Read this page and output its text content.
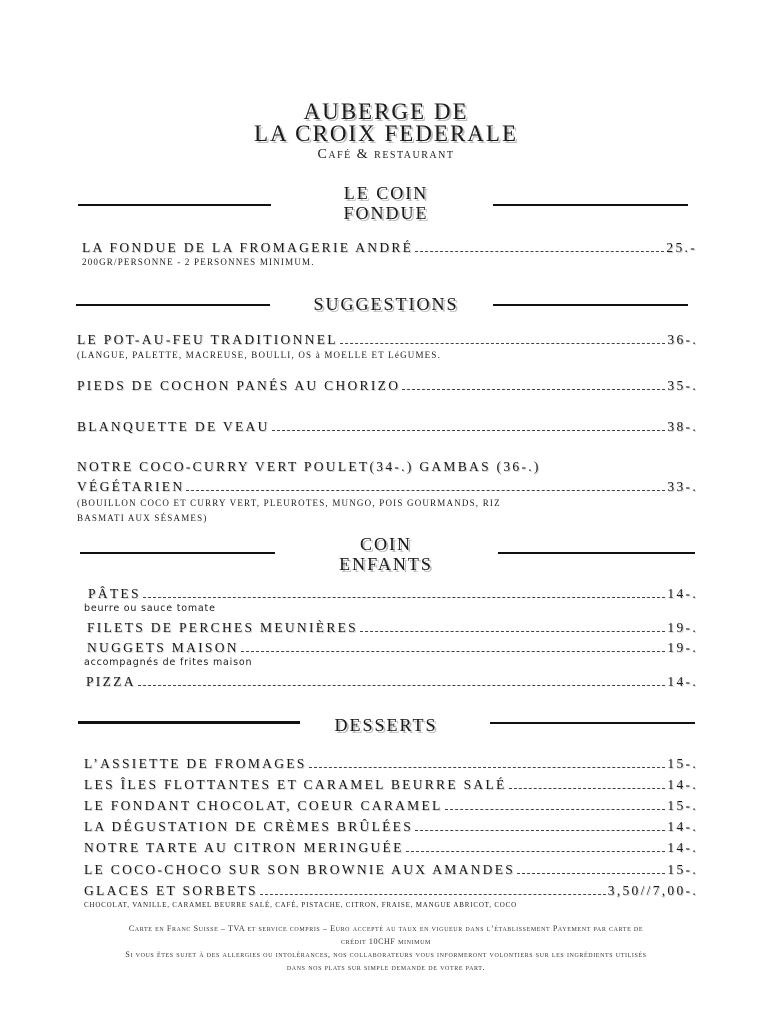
AUBERGE DE
LA CROIX FEDERALE
Café & restaurant
LE COIN
FONDUE
LA FONDUE DE LA FROMAGERIE ANDRÉ	25.-
200GR/PERSONNE - 2 PERSONNES MINIMUM.
SUGGESTIONS
LE POT-AU-FEU TRADITIONNEL	36-.
(LANGUE, PALETTE, MACREUSE, BOULLI, OS à MOELLE ET LéGUMES.
PIEDS DE COCHON PANÉS AU CHORIZO	35-.
BLANQUETTE DE VEAU	38-.
NOTRE COCO-CURRY VERT POULET(34-.) GAMBAS (36-.)
VÉGÉTARIEN	33-.
(BOUILLON COCO ET CURRY VERT, PLEUROTES, MUNGO, POIS GOURMANDS, RIZ
BASMATI AUX SÉSAMES)
COIN
ENFANTS
PÂTES	14-.
beurre ou sauce tomate
FILETS DE PERCHES MEUNIÈRES	19-.
NUGGETS MAISON	19-.
accompagnés de frites maison
PIZZA	14-.
DESSERTS
L’ASSIETTE DE FROMAGES	15-.
LES ÎLES FLOTTANTES ET CARAMEL BEURRE SALÉ	14-.
LE FONDANT CHOCOLAT, COEUR CARAMEL	15-.
LA DÉGUSTATION DE CRÈMES BRÛLÉES	14-.
NOTRE TARTE AU CITRON MERINGUÉE	14-.
LE COCO-CHOCO SUR SON BROWNIE AUX AMANDES	15-.
GLACES ET SORBETS	3,50//7,00-.
CHOCOLAT, VANILLE, CARAMEL BEURRE SALÉ, CAFÉ, PISTACHE, CITRON, FRAISE, MANGUE ABRICOT, COCO
Carte en Franc Suisse – TVA et service compris – Euro accepté au taux en vigueur dans l’établissement Payement par carte de
crédit 10CHF minimum
Si vous êtes sujet à des allergies ou intolérances, nos collaborateurs vous informeront volontiers sur les ingrédients utilisés
dans nos plats sur simple demande de votre part.
